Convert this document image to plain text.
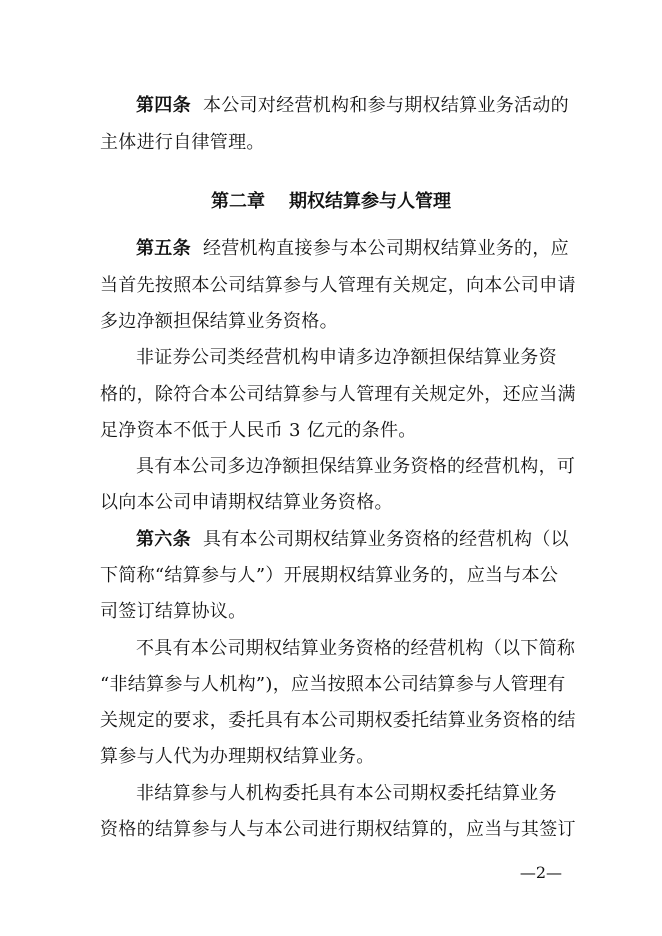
第四条 本公司对经营机构和参与期权结算业务活动的
主体进行自律管理。
第二章 期权结算参与人管理
第五条 经营机构直接参与本公司期权结算业务的，应
当首先按照本公司结算参与人管理有关规定，向本公司申请
多边净额担保结算业务资格。
非证券公司类经营机构申请多边净额担保结算业务资
格的，除符合本公司结算参与人管理有关规定外，还应当满
足净资本不低于人民币 3 亿元的条件。
具有本公司多边净额担保结算业务资格的经营机构，可
以向本公司申请期权结算业务资格。
第六条 具有本公司期权结算业务资格的经营机构（以
下简称“结算参与人”）开展期权结算业务的，应当与本公
司签订结算协议。
不具有本公司期权结算业务资格的经营机构（以下简称
“非结算参与人机构”)，应当按照本公司结算参与人管理有
关规定的要求，委托具有本公司期权委托结算业务资格的结
算参与人代为办理期权结算业务。
非结算参与人机构委托具有本公司期权委托结算业务
资格的结算参与人与本公司进行期权结算的，应当与其签订
—2—
